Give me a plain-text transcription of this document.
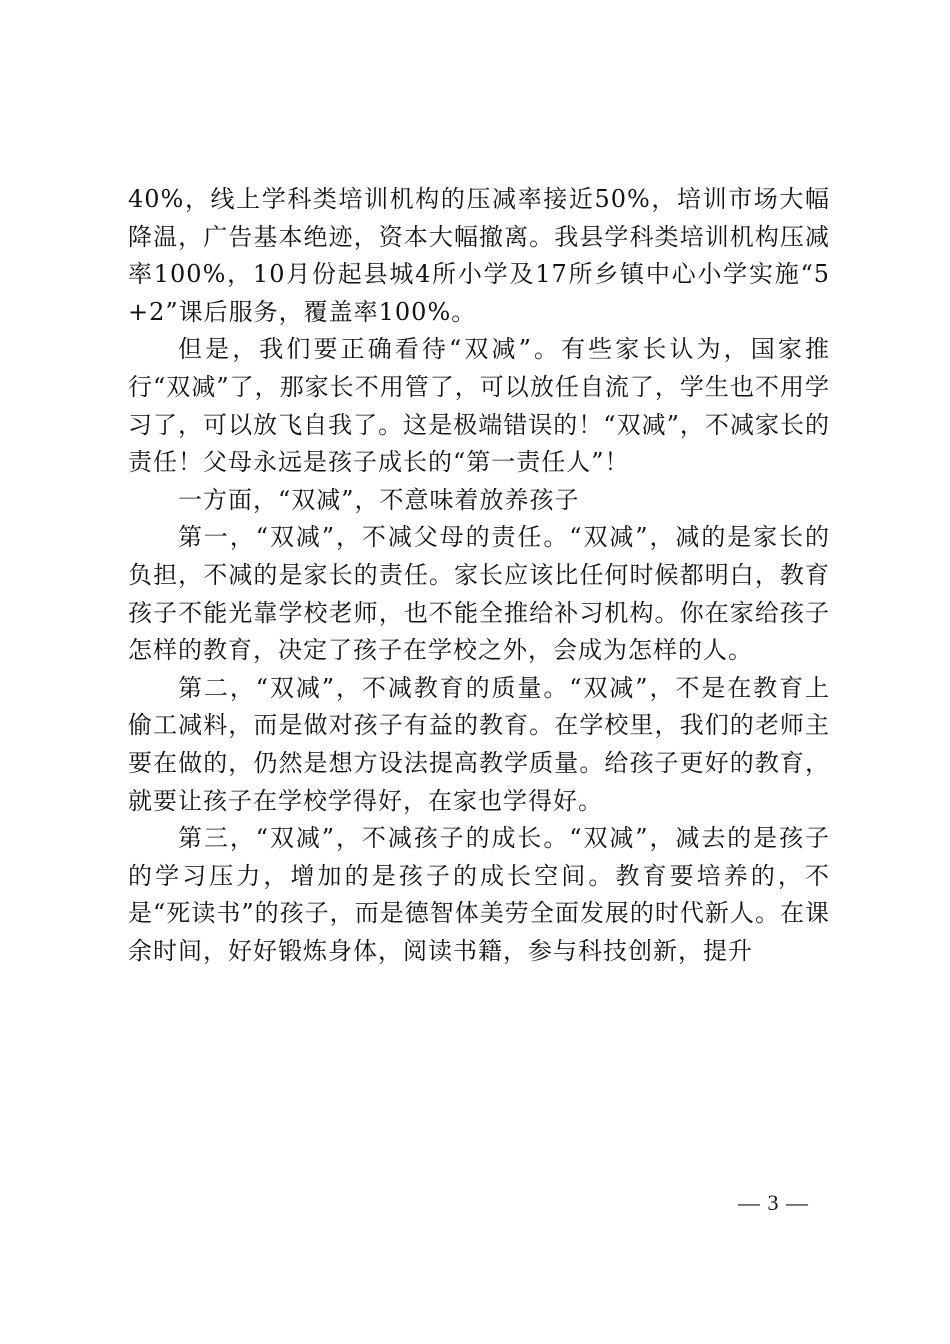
40%，线上学科类培训机构的压减率接近50%，培训市场大幅降温，广告基本绝迹，资本大幅撤离。我县学科类培训机构压减率100%，10月份起县城4所小学及17所乡镇中心小学实施“5+2”课后服务，覆盖率100%。

但是，我们要正确看待“双减”。有些家长认为，国家推行“双减”了，那家长不用管了，可以放任自流了，学生也不用学习了，可以放飞自我了。这是极端错误的！“双减”，不减家长的责任！父母永远是孩子成长的“第一责任人”！

一方面，“双减”，不意味着放养孩子

第一，“双减”，不减父母的责任。“双减”，减的是家长的负担，不减的是家长的责任。家长应该比任何时候都明白，教育孩子不能光靠学校老师，也不能全推给补习机构。你在家给孩子怎样的教育，决定了孩子在学校之外，会成为怎样的人。

第二，“双减”，不减教育的质量。“双减”，不是在教育上偷工减料，而是做对孩子有益的教育。在学校里，我们的老师主要在做的，仍然是想方设法提高教学质量。给孩子更好的教育，就要让孩子在学校学得好，在家也学得好。

第三，“双减”，不减孩子的成长。“双减”，减去的是孩子的学习压力，增加的是孩子的成长空间。教育要培养的，不是“死读书”的孩子，而是德智体美劳全面发展的时代新人。在课余时间，好好锻炼身体，阅读书籍，参与科技创新，提升

— 3 —
